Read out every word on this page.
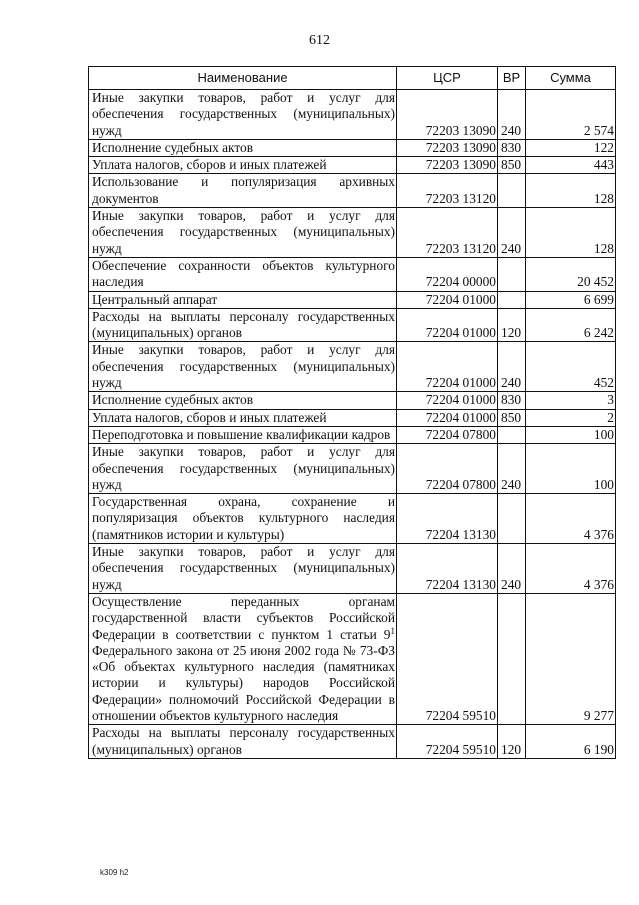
612
Наименование	ЦСР	ВР	Сумма
Иные закупки товаров, работ и услуг для обеспечения государственных (муниципальных) нужд	72203 13090	240	2 574
Исполнение судебных актов	72203 13090	830	122
Уплата налогов, сборов и иных платежей	72203 13090	850	443
Использование и популяризация архивных документов	72203 13120		128
Иные закупки товаров, работ и услуг для обеспечения государственных (муниципальных) нужд	72203 13120	240	128
Обеспечение сохранности объектов культурного наследия	72204 00000		20 452
Центральный аппарат	72204 01000		6 699
Расходы на выплаты персоналу государственных (муниципальных) органов	72204 01000	120	6 242
Иные закупки товаров, работ и услуг для обеспечения государственных (муниципальных) нужд	72204 01000	240	452
Исполнение судебных актов	72204 01000	830	3
Уплата налогов, сборов и иных платежей	72204 01000	850	2
Переподготовка и повышение квалификации кадров	72204 07800		100
Иные закупки товаров, работ и услуг для обеспечения государственных (муниципальных) нужд	72204 07800	240	100
Государственная охрана, сохранение и популяризация объектов культурного наследия (памятников истории и культуры)	72204 13130		4 376
Иные закупки товаров, работ и услуг для обеспечения государственных (муниципальных) нужд	72204 13130	240	4 376
Осуществление переданных органам государственной власти субъектов Российской Федерации в соответствии с пунктом 1 статьи $9^1$ Федерального закона от 25 июня 2002 года № 73-ФЗ «Об объектах культурного наследия (памятниках истории и культуры) народов Российской Федерации» полномочий Российской Федерации в отношении объектов культурного наследия	72204 59510		9 277
Расходы на выплаты персоналу государственных (муниципальных) органов	72204 59510	120	6 190
k309 h2
